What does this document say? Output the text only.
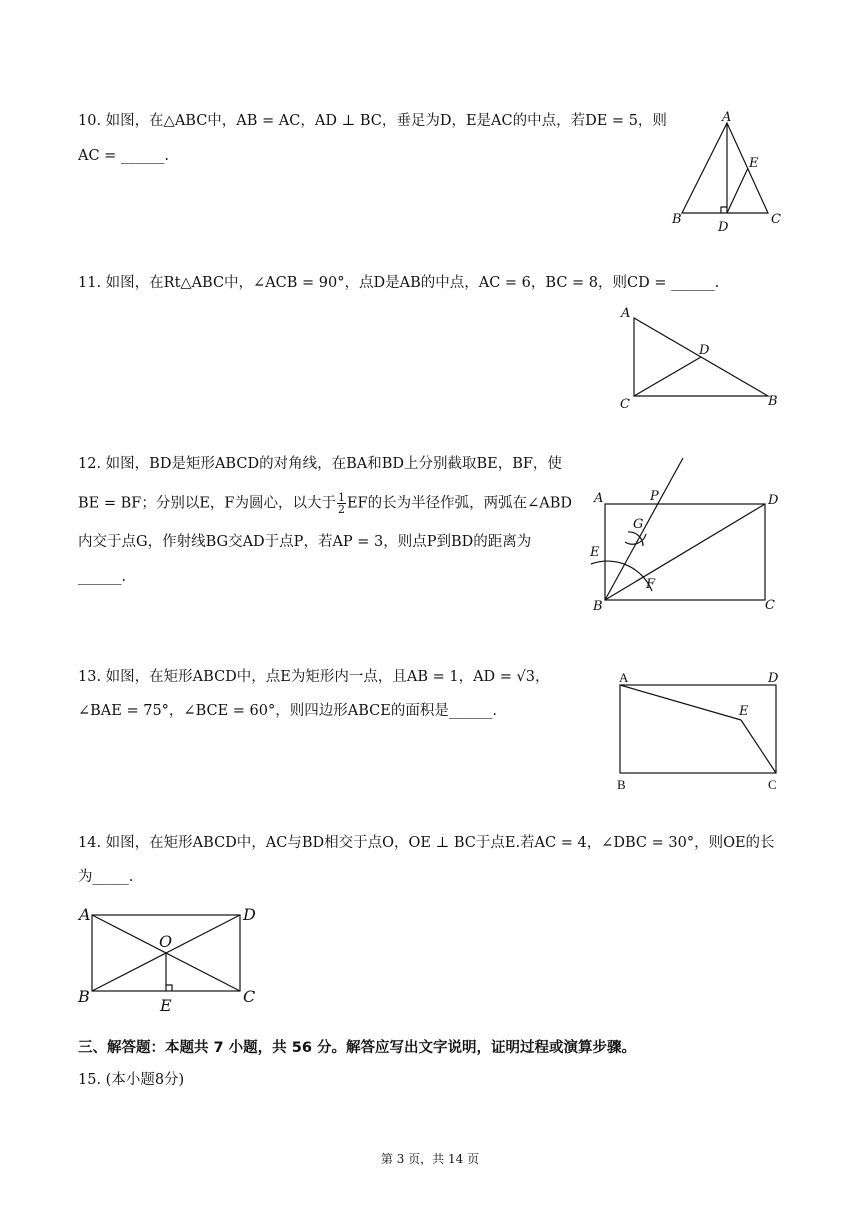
10. 如图，在△ABC中，AB = AC，AD ⊥ BC，垂足为D，E是AC的中点，若DE = 5，则
AC = ______.
A
B	C
D
E
11. 如图，在Rt△ABC中，∠ACB = 90°，点D是AB的中点，AC = 6，BC = 8，则CD = ______.
A
C	B
D
12. 如图，BD是矩形ABCD的对角线，在BA和BD上分别截取BE，BF，使
BE = BF；分别以E，F为圆心，以大于 $\frac{1}{2}$ EF的长为半径作弧，两弧在∠ABD
内交于点G，作射线BG交AD于点P，若AP = 3，则点P到BD的距离为
______.
A	D
B	C
E
F
G
P
13. 如图，在矩形ABCD中，点E为矩形内一点，且AB = 1，AD = √3，
∠BAE = 75°，∠BCE = 60°，则四边形ABCE的面积是______.
A	D
E
B	C
14. 如图，在矩形ABCD中，AC与BD相交于点O，OE ⊥ BC于点E.若AC = 4，∠DBC = 30°，则OE的长
为_____.
A	D
B	C
O
E
三、解答题：本题共 7 小题，共 56 分。解答应写出文字说明，证明过程或演算步骤。
15. (本小题8分)
第 3 页，共 14 页
